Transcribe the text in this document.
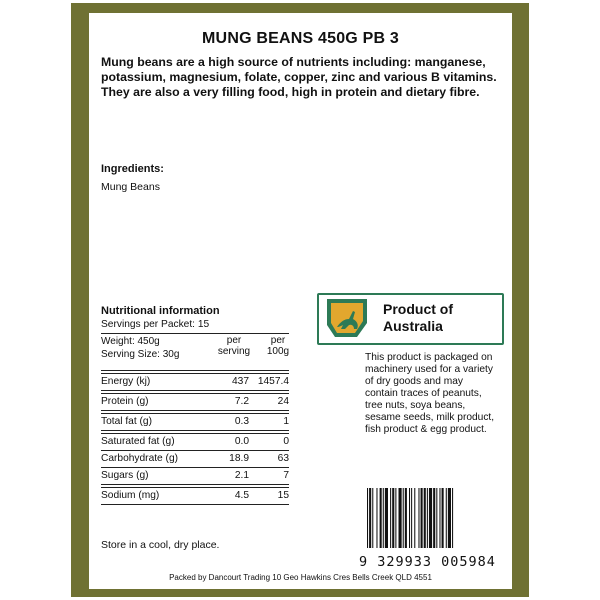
MUNG BEANS 450G PB 3
Mung beans are a high source of nutrients including: manganese, potassium, magnesium, folate, copper, zinc and various B vitamins. They are also a very filling food, high in protein and dietary fibre.
Ingredients:
Mung Beans
Nutritional information
Servings per Packet: 15
Weight: 450g
Serving Size: 30g
per serving
per 100g
Energy (kj)	437 1457.4
Protein (g)	7.2	24
Total fat (g)	0.3	1
Saturated fat (g)	0.0	0
Carbohydrate (g)	18.9	63
Sugars (g)	2.1	7
Sodium (mg)	4.5	15
Product of
Australia
This product is packaged on machinery used for a variety of dry goods and may contain traces of peanuts, tree nuts, soya beans, sesame seeds, milk product, fish product & egg product.
Store in a cool, dry place.
9 329933 005984
Packed by Dancourt Trading 10 Geo Hawkins Cres Bells Creek QLD 4551
